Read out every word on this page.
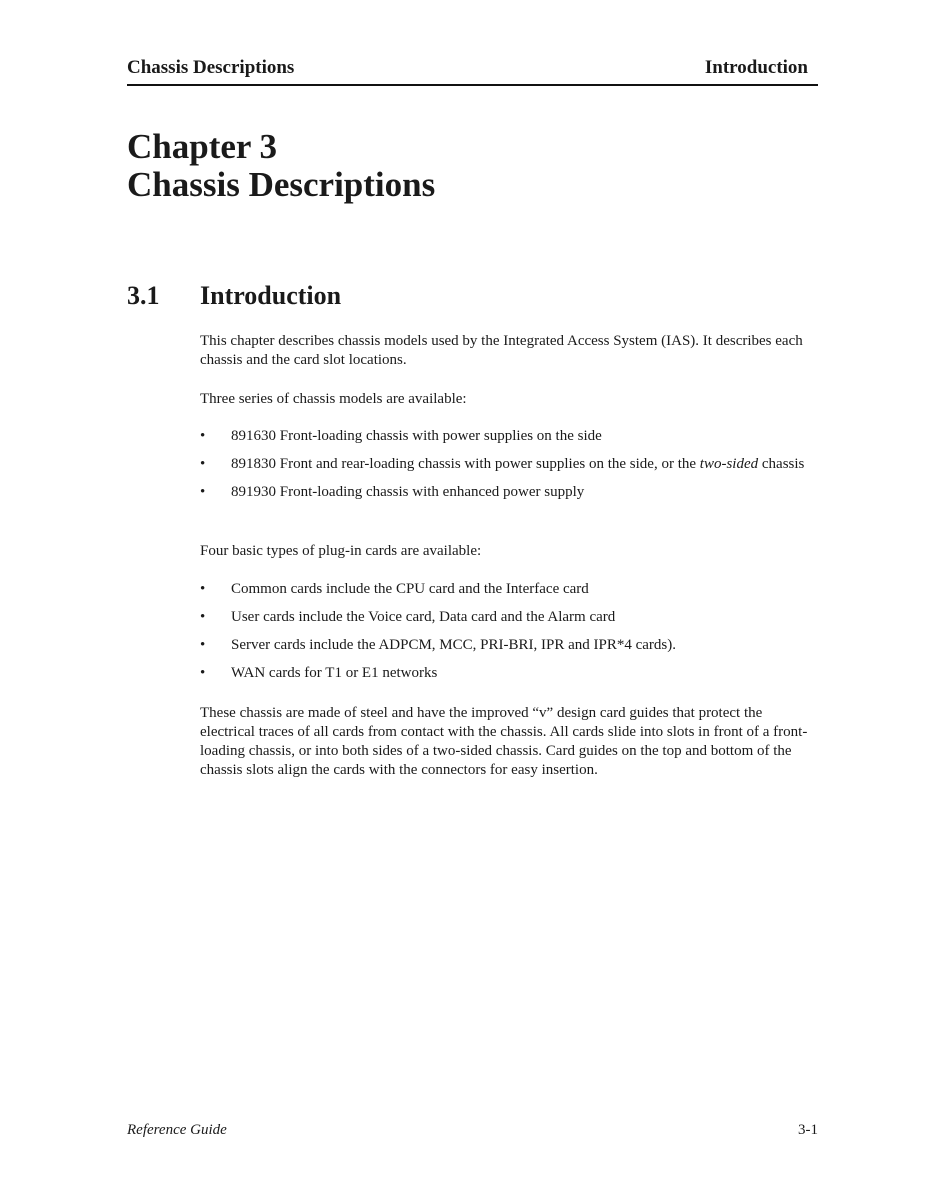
Chassis Descriptions	Introduction
Chapter 3
Chassis Descriptions
3.1 Introduction

This chapter describes chassis models used by the Integrated Access System (IAS). It describes each chassis and the card slot locations.

Three series of chassis models are available:

• 891630 Front-loading chassis with power supplies on the side
• 891830 Front and rear-loading chassis with power supplies on the side, or the two-sided chassis
• 891930 Front-loading chassis with enhanced power supply

Four basic types of plug-in cards are available:

• Common cards include the CPU card and the Interface card
• User cards include the Voice card, Data card and the Alarm card
• Server cards include the ADPCM, MCC, PRI-BRI, IPR and IPR*4 cards).
• WAN cards for T1 or E1 networks

These chassis are made of steel and have the improved “v” design card guides that protect the electrical traces of all cards from contact with the chassis. All cards slide into slots in front of a front-loading chassis, or into both sides of a two-sided chassis. Card guides on the top and bottom of the chassis slots align the cards with the connectors for easy insertion.

Reference Guide	3-1
